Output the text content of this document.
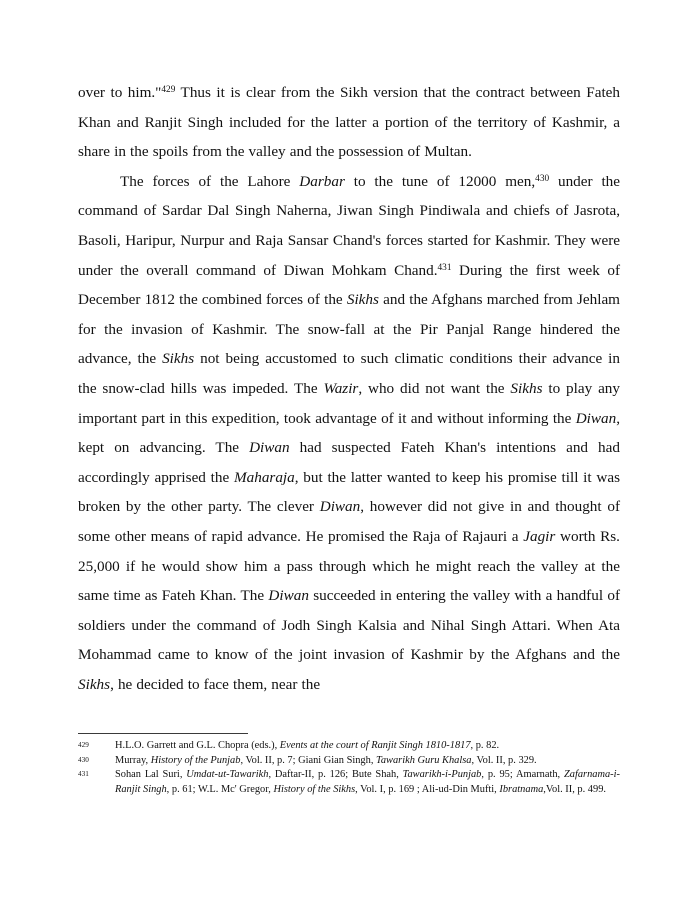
over to him."$^{429}$ Thus it is clear from the Sikh version that the contract between Fateh Khan and Ranjit Singh included for the latter a portion of the territory of Kashmir, a share in the spoils from the valley and the possession of Multan.

The forces of the Lahore Darbar to the tune of 12000 men,$^{430}$ under the command of Sardar Dal Singh Naherna, Jiwan Singh Pindiwala and chiefs of Jasrota, Basoli, Haripur, Nurpur and Raja Sansar Chand's forces started for Kashmir. They were under the overall command of Diwan Mohkam Chand.$^{431}$ During the first week of December 1812 the combined forces of the Sikhs and the Afghans marched from Jehlam for the invasion of Kashmir. The snow-fall at the Pir Panjal Range hindered the advance, the Sikhs not being accustomed to such climatic conditions their advance in the snow-clad hills was impeded. The Wazir, who did not want the Sikhs to play any important part in this expedition, took advantage of it and without informing the Diwan, kept on advancing. The Diwan had suspected Fateh Khan's intentions and had accordingly apprised the Maharaja, but the latter wanted to keep his promise till it was broken by the other party. The clever Diwan, however did not give in and thought of some other means of rapid advance. He promised the Raja of Rajauri a Jagir worth Rs. 25,000 if he would show him a pass through which he might reach the valley at the same time as Fateh Khan. The Diwan succeeded in entering the valley with a handful of soldiers under the command of Jodh Singh Kalsia and Nihal Singh Attari. When Ata Mohammad came to know of the joint invasion of Kashmir by the Afghans and the Sikhs, he decided to face them, near the

429	H.L.O. Garrett and G.L. Chopra (eds.), Events at the court of Ranjit Singh 1810-1817, p. 82.
430	Murray, History of the Punjab, Vol. II, p. 7; Giani Gian Singh, Tawarikh Guru Khalsa, Vol. II, p. 329.
431	Sohan Lal Suri, Umdat-ut-Tawarikh, Daftar-II, p. 126; Bute Shah, Tawarikh-i-Punjab, p. 95; Amarnath, Zafarnama-i-Ranjit Singh, p. 61; W.L. Mc' Gregor, History of the Sikhs, Vol. I, p. 169 ; Ali-ud-Din Mufti, Ibratnama,Vol. II, p. 499.
